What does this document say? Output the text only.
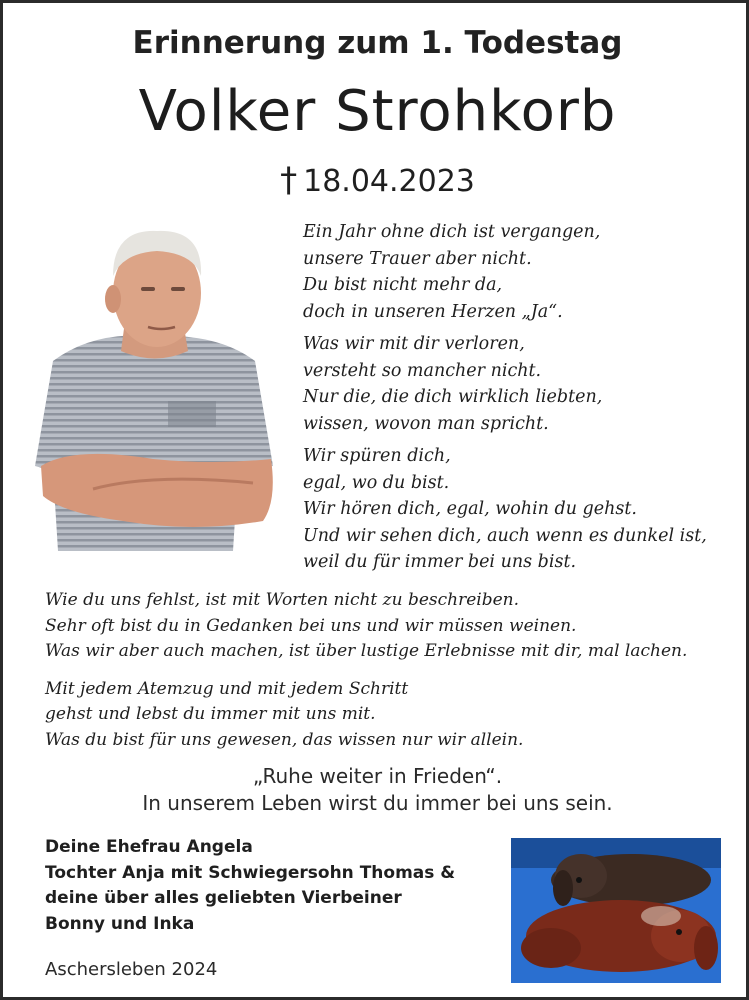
Erinnerung zum 1. Todestag
Volker Strohkorb
† 18.04.2023

Ein Jahr ohne dich ist vergangen,
unsere Trauer aber nicht.
Du bist nicht mehr da,
doch in unseren Herzen „Ja“.

Was wir mit dir verloren,
versteht so mancher nicht.
Nur die, die dich wirklich liebten,
wissen, wovon man spricht.

Wir spüren dich,
egal, wo du bist.
Wir hören dich, egal, wohin du gehst.
Und wir sehen dich, auch wenn es dunkel ist,
weil du für immer bei uns bist.

Wie du uns fehlst, ist mit Worten nicht zu beschreiben.
Sehr oft bist du in Gedanken bei uns und wir müssen weinen.
Was wir aber auch machen, ist über lustige Erlebnisse mit dir, mal lachen.

Mit jedem Atemzug und mit jedem Schritt
gehst und lebst du immer mit uns mit.
Was du bist für uns gewesen, das wissen nur wir allein.

„Ruhe weiter in Frieden“.
In unserem Leben wirst du immer bei uns sein.
Deine Ehefrau Angela
Tochter Anja mit Schwiegersohn Thomas &
deine über alles geliebten Vierbeiner
Bonny und Inka
Aschersleben 2024
